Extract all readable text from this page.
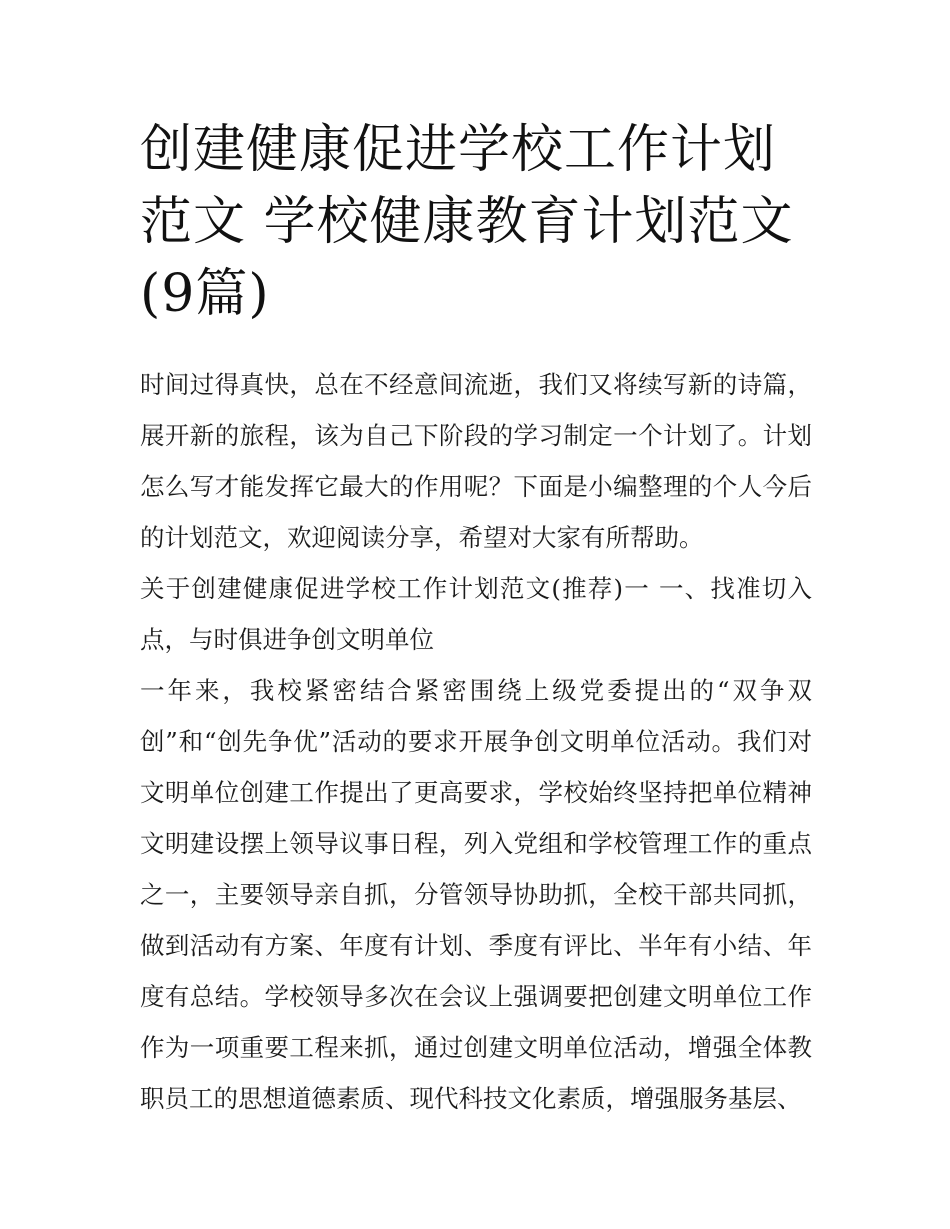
创建健康促进学校工作计划范文 学校健康教育计划范文(9篇)

时间过得真快，总在不经意间流逝，我们又将续写新的诗篇，展开新的旅程，该为自己下阶段的学习制定一个计划了。计划怎么写才能发挥它最大的作用呢？下面是小编整理的个人今后的计划范文，欢迎阅读分享，希望对大家有所帮助。

关于创建健康促进学校工作计划范文(推荐)一 一、找准切入点，与时俱进争创文明单位

一年来，我校紧密结合紧密围绕上级党委提出的“双争双创”和“创先争优”活动的要求开展争创文明单位活动。我们对文明单位创建工作提出了更高要求，学校始终坚持把单位精神文明建设摆上领导议事日程，列入党组和学校管理工作的重点之一，主要领导亲自抓，分管领导协助抓，全校干部共同抓，做到活动有方案、年度有计划、季度有评比、半年有小结、年度有总结。学校领导多次在会议上强调要把创建文明单位工作作为一项重要工程来抓，通过创建文明单位活动，增强全体教职员工的思想道德素质、现代科技文化素质，增强服务基层、
